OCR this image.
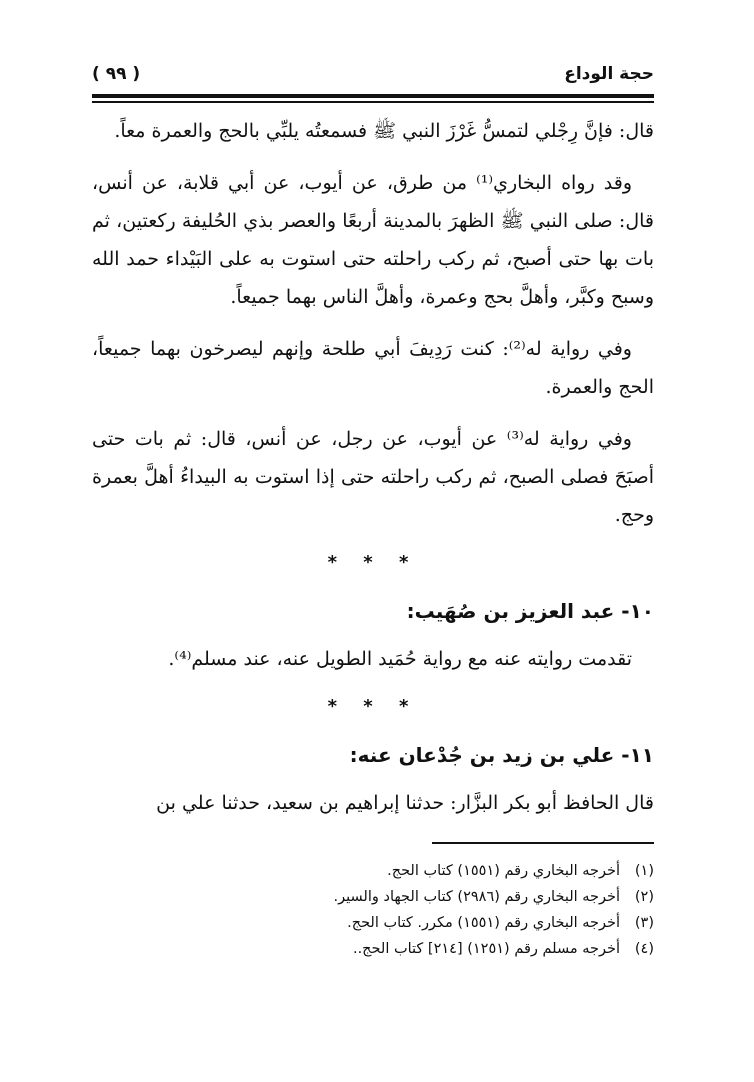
حجة الوداع
( ٩٩ )

قال: فإنَّ رِجْلي لتمسُّ غَرْزَ النبي ﷺ فسمعتُه يلبِّي بالحج والعمرة معاً.

وقد رواه البخاري⁽¹⁾ من طرق، عن أيوب، عن أبي قلابة، عن أنس، قال: صلى النبي ﷺ الظهرَ بالمدينة أربعًا والعصر بذي الحُليفة ركعتين، ثم بات بها حتى أصبح، ثم ركب راحلته حتى استوت به على البَيْداء حمد الله وسبح وكبَّر، وأهلَّ بحج وعمرة، وأهلَّ الناس بهما جميعاً.

وفي رواية له⁽²⁾: كنت رَدِيفَ أبي طلحة وإنهم ليصرخون بهما جميعاً، الحج والعمرة.

وفي رواية له⁽³⁾ عن أيوب، عن رجل، عن أنس، قال: ثم بات حتى أصبَحَ فصلى الصبح، ثم ركب راحلته حتى إذا استوت به البيداءُ أهلَّ بعمرة وحج.

* * *

١٠- عبد العزيز بن صُهَيب:

تقدمت روايته عنه مع رواية حُمَيد الطويل عنه، عند مسلم⁽⁴⁾.

* * *

١١- علي بن زيد بن جُدْعان عنه:

قال الحافظ أبو بكر البزَّار: حدثنا إبراهيم بن سعيد، حدثنا علي بن

(١)أخرجه البخاري رقم (١٥٥١) كتاب الحج.
(٢)أخرجه البخاري رقم (٢٩٨٦) كتاب الجهاد والسير.
(٣)أخرجه البخاري رقم (١٥٥١) مكرر. كتاب الحج.
(٤)أخرجه مسلم رقم (١٢٥١) [٢١٤] كتاب الحج..
